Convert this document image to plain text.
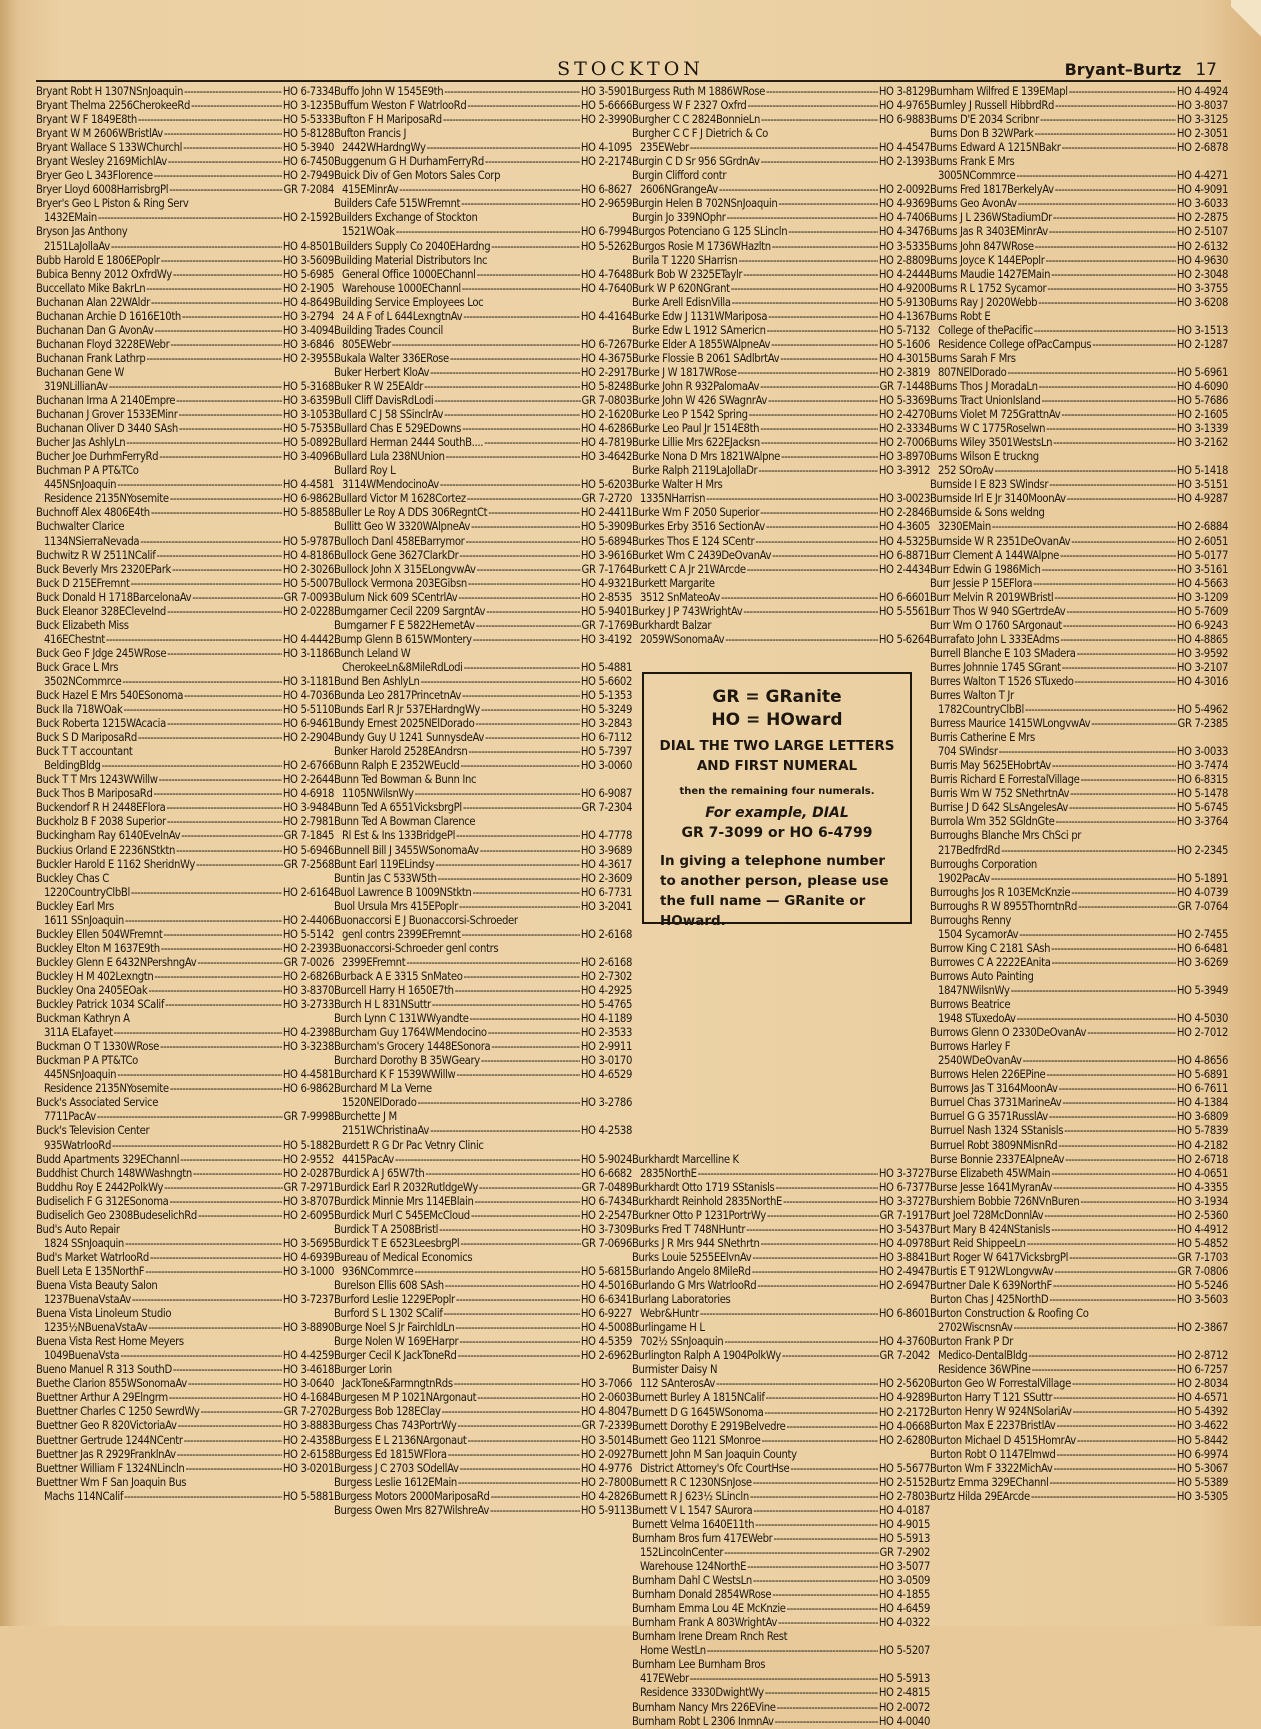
STOCKTON	Bryant–Burtz 17
Bryant Robt H 1307NSnJoaquin -----	HO 6-7334
Bryant Thelma 2256CherokeeRd -----	HO 3-1235
Bryant W F 1849E8th -----	HO 5-5333
Bryant W M 2606WBristlAv -----	HO 5-8128
Bryant Wallace S 133WChurchl -----	HO 5-3940
Bryant Wesley 2169MichlAv -----	HO 6-7450
Bryer Geo L 343Florence -----	HO 2-7949
Bryer Lloyd 6008HarrisbrgPl -----	GR 7-2084
Bryer's Geo L Piston & Ring Serv
1432EMain -----	HO 2-1592
Bryson Jas Anthony
2151LaJollaAv -----	HO 4-8501
Bubb Harold E 1806EPoplr -----	HO 3-5609
Bubica Benny 2012 OxfrdWy -----	HO 5-6985
Buccellato Mike BakrLn -----	HO 2-1905
Buchanan Alan 22WAldr -----	HO 4-8649
Buchanan Archie D 1616E10th -----	HO 3-2794
Buchanan Dan G AvonAv -----	HO 3-4094
Buchanan Floyd 3228EWebr -----	HO 3-6846
Buchanan Frank Lathrp -----	HO 2-3955
Buchanan Gene W
319NLillianAv -----	HO 5-3168
Buchanan Irma A 2140Empre -----	HO 3-6359
Buchanan J Grover 1533EMinr -----	HO 3-1053
Buchanan Oliver D 3440 SAsh -----	HO 5-7535
Bucher Jas AshlyLn -----	HO 5-0892
Bucher Joe DurhmFerryRd -----	HO 3-4096
Buchman P A PT&TCo
445NSnJoaquin -----	HO 4-4581
Residence 2135NYosemite -----	HO 6-9862
Buchnoff Alex 4806E4th -----	HO 5-8858
Buchwalter Clarice
1134NSierraNevada -----	HO 5-9787
Buchwitz R W 2511NCalif -----	HO 4-8186
Buck Beverly Mrs 2320EPark -----	HO 2-3026
Buck D 215EFremnt -----	HO 5-5007
Buck Donald H 1718BarcelonaAv -----	GR 7-0093
Buck Eleanor 328ECleveInd -----	HO 2-0228
Buck Elizabeth Miss
416EChestnt -----	HO 4-4442
Buck Geo F Jdge 245WRose -----	HO 3-1186
Buck Grace L Mrs
3502NCommrce -----	HO 3-1181
Buck Hazel E Mrs 540ESonoma -----	HO 4-7036
Buck Ila 718WOak -----	HO 5-5110
Buck Roberta 1215WAcacia -----	HO 6-9461
Buck S D MariposaRd -----	HO 2-2904
Buck T T accountant
BeldingBldg -----	HO 2-6766
Buck T T Mrs 1243WWillw -----	HO 2-2644
Buck Thos B MariposaRd -----	HO 4-6918
Buckendorf R H 2448EFlora -----	HO 3-9484
Buckholz B F 2038 Superior -----	HO 2-7981
Buckingham Ray 6140EvelnAv -----	GR 7-1845
Buckius Orland E 2236NStktn -----	HO 5-6946
Buckler Harold E 1162 SheridnWy -----	GR 7-2568
Buckley Chas C
1220CountryClbBl -----	HO 2-6164
Buckley Earl Mrs
1611 SSnJoaquin -----	HO 2-4406
Buckley Ellen 504WFremnt -----	HO 5-5142
Buckley Elton M 1637E9th -----	HO 2-2393
Buckley Glenn E 6432NPershngAv -----	GR 7-0026
Buckley H M 402Lexngtn -----	HO 2-6826
Buckley Ona 2405EOak -----	HO 3-8370
Buckley Patrick 1034 SCalif -----	HO 3-2733
Buckman Kathryn A
311A ELafayet -----	HO 4-2398
Buckman O T 1330WRose -----	HO 3-3238
Buckman P A PT&TCo
445NSnJoaquin -----	HO 4-4581
Residence 2135NYosemite -----	HO 6-9862
Buck's Associated Service
7711PacAv -----	GR 7-9998
Buck's Television Center
935WatrlooRd -----	HO 5-1882
Budd Apartments 329EChannl -----	HO 2-9552
Buddhist Church 148WWashngtn -----	HO 2-0287
Buddhu Roy E 2442PolkWy -----	GR 7-2971
Budiselich F G 312ESonoma -----	HO 3-8707
Budiselich Geo 2308BudeselichRd -----	HO 2-6095
Bud's Auto Repair
1824 SSnJoaquin -----	HO 3-5695
Bud's Market WatrlooRd -----	HO 4-6939
Buell Leta E 135NorthF -----	HO 3-1000
Buena Vista Beauty Salon
1237BuenaVstaAv -----	HO 3-7237
Buena Vista Linoleum Studio
1235½NBuenaVstaAv -----	HO 3-8890
Buena Vista Rest Home Meyers
1049BuenaVsta -----	HO 4-4259
Bueno Manuel R 313 SouthD -----	HO 3-4618
Buethe Clarion 855WSonomaAv -----	HO 3-0640
Buettner Arthur A 29Elngrm -----	HO 4-1684
Buettner Charles C 1250 SewrdWy -----	GR 7-2702
Buettner Geo R 820VictoriaAv -----	HO 3-8883
Buettner Gertrude 1244NCentr -----	HO 2-4358
Buettner Jas R 2929FranklnAv -----	HO 2-6158
Buettner William F 1324NLincln -----	HO 3-0201
Buettner Wm F San Joaquin Bus
Machs 114NCalif -----	HO 5-5881
Buffo John W 1545E9th -----	HO 3-5901
Buffum Weston F WatrlooRd -----	HO 5-6666
Bufton F H MariposaRd -----	HO 2-3990
Bufton Francis J
2442WHardngWy -----	HO 4-1095
Buggenum G H DurhamFerryRd -----	HO 2-2174
Buick Div of Gen Motors Sales Corp
415EMinrAv -----	HO 6-8627
Builders Cafe 515WFremnt -----	HO 2-9659
Builders Exchange of Stockton
1521WOak -----	HO 6-7994
Builders Supply Co 2040EHardng -----	HO 5-5262
Building Material Distributors Inc
General Office 1000EChannl -----	HO 4-7648
Warehouse 1000EChannl -----	HO 4-7640
Building Service Employees Loc
24 A F of L 644LexngtnAv -----	HO 4-4164
Building Trades Council
805EWebr -----	HO 6-7267
Bukala Walter 336ERose -----	HO 4-3675
Buker Herbert KloAv -----	HO 2-2917
Buker R W 25EAldr -----	HO 5-8248
Bull Cliff DavisRdLodi -----	GR 7-0803
Bullard C J 58 SSinclrAv -----	HO 2-1620
Bullard Chas E 529EDowns -----	HO 4-6286
Bullard Herman 2444 SouthB.... -----	HO 4-7819
Bullard Lula 238NUnion -----	HO 3-4642
Bullard Roy L
3114WMendocinoAv -----	HO 5-6203
Bullard Victor M 1628Cortez -----	GR 7-2720
Buller Le Roy A DDS 306RegntCt -----	HO 2-4411
Bullitt Geo W 3320WAlpneAv -----	HO 5-3909
Bulloch Danl 458EBarrymor -----	HO 5-6894
Bullock Gene 3627ClarkDr -----	HO 3-9616
Bullock John X 315ELongvwAv -----	GR 7-1764
Bullock Vermona 203EGibsn -----	HO 4-9321
Bulum Nick 609 SCentrlAv -----	HO 2-8535
Bumgarner Cecil 2209 SargntAv -----	HO 5-9401
Bumgarner F E 5822HemetAv -----	GR 7-1769
Bump Glenn B 615WMontery -----	HO 3-4192
Bunch Leland W
CherokeeLn&8MileRdLodi -----	HO 5-4881
Bund Ben AshlyLn -----	HO 5-6602
Bunda Leo 2817PrincetnAv -----	HO 5-1353
Bunds Earl R Jr 537EHardngWy -----	HO 5-3249
Bundy Ernest 2025NElDorado -----	HO 3-2843
Bundy Guy U 1241 SunnysdeAv -----	HO 6-7112
Bunker Harold 2528EAndrsn -----	HO 5-7397
Bunn Ralph E 2352WEucld -----	HO 3-0060
Bunn Ted Bowman & Bunn Inc
1105NWilsnWy -----	HO 6-9087
Bunn Ted A 6551VicksbrgPl -----	GR 7-2304
Bunn Ted A Bowman Clarence
Rl Est & Ins 133BridgePl -----	HO 4-7778
Bunnell Bill J 3455WSonomaAv -----	HO 3-9689
Bunt Earl 119ELindsy -----	HO 4-3617
Buntin Jas C 533W5th -----	HO 2-3609
Buol Lawrence B 1009NStktn -----	HO 6-7731
Buol Ursula Mrs 415EPoplr -----	HO 3-2041
Buonaccorsi E J Buonaccorsi-Schroeder
genl contrs 2399EFremnt -----	HO 2-6168
Buonaccorsi-Schroeder genl contrs
2399EFremnt -----	HO 2-6168
Burback A E 3315 SnMateo -----	HO 2-7302
Burcell Harry H 1650E7th -----	HO 4-2925
Burch H L 831NSuttr -----	HO 5-4765
Burch Lynn C 131WWyandte -----	HO 4-1189
Burcham Guy 1764WMendocino -----	HO 2-3533
Burcham's Grocery 1448ESonora -----	HO 2-9911
Burchard Dorothy B 35WGeary -----	HO 3-0170
Burchard K F 1539WWillw -----	HO 4-6529
Burchard M La Verne
1520NElDorado -----	HO 3-2786
Burchette J M
2151WChristinaAv -----	HO 4-2538
Burdett R G Dr Pac Vetnry Clinic
4415PacAv -----	HO 5-9024
Burdick A J 65W7th -----	HO 6-6682
Burdick Earl R 2032RutldgeWy -----	GR 7-0489
Burdick Minnie Mrs 114EBlain -----	HO 6-7434
Burdick Murl C 545EMcCloud -----	HO 2-2547
Burdick T A 2508Bristl -----	HO 3-7309
Burdick T E 6523LeesbrgPl -----	GR 7-0696
Bureau of Medical Economics
936NCommrce -----	HO 5-6815
Burelson Ellis 608 SAsh -----	HO 4-5016
Burford Leslie 1229EPoplr -----	HO 6-6341
Burford S L 1302 SCalif -----	HO 6-9227
Burge Noel S Jr FairchldLn -----	HO 4-5008
Burge Nolen W 169EHarpr -----	HO 4-5359
Burger Cecil K JackToneRd -----	HO 2-6962
Burger Lorin
JackTone&FarmngtnRds -----	HO 3-7066
Burgesen M P 1021NArgonaut -----	HO 2-0603
Burgess Bob 128EClay -----	HO 4-8047
Burgess Chas 743PortrWy -----	GR 7-2339
Burgess E L 2136NArgonaut -----	HO 3-5014
Burgess Ed 1815WFlora -----	HO 2-0927
Burgess J C 2703 SOdellAv -----	HO 4-9776
Burgess Leslie 1612EMain -----	HO 2-7800
Burgess Motors 2000MariposaRd -----	HO 4-2826
Burgess Owen Mrs 827WilshreAv -----	HO 5-9113
Burgess Ruth M 1886WRose -----	HO 3-8129
Burgess W F 2327 Oxfrd -----	HO 4-9765
Burgher C C 2824BonnieLn -----	HO 6-9883
Burgher C C F J Dietrich & Co
235EWebr -----	HO 4-4547
Burgin C D Sr 956 SGrdnAv -----	HO 2-1393
Burgin Clifford contr
2606NGrangeAv -----	HO 2-0092
Burgin Helen B 702NSnJoaquin -----	HO 4-9369
Burgin Jo 339NOphr -----	HO 4-7406
Burgos Potenciano G 125 SLincln -----	HO 4-3476
Burgos Rosie M 1736WHazltn -----	HO 3-5335
Burila T 1220 SHarrisn -----	HO 2-8809
Burk Bob W 2325ETaylr -----	HO 4-2444
Burk W P 620NGrant -----	HO 4-9200
Burke Arell EdisnVilla -----	HO 5-9130
Burke Edw J 1131WMariposa -----	HO 4-1367
Burke Edw L 1912 SAmericn -----	HO 5-7132
Burke Elder A 1855WAlpneAv -----	HO 5-1606
Burke Flossie B 2061 SAdlbrtAv -----	HO 4-3015
Burke J W 1817WRose -----	HO 2-3819
Burke John R 932PalomaAv -----	GR 7-1448
Burke John W 426 SWagnrAv -----	HO 5-3369
Burke Leo P 1542 Spring -----	HO 2-4270
Burke Leo Paul Jr 1514E8th -----	HO 2-3334
Burke Lillie Mrs 622EJacksn -----	HO 2-7006
Burke Nona D Mrs 1821WAlpne -----	HO 3-8970
Burke Ralph 2119LaJollaDr -----	HO 3-3912
Burke Walter H Mrs
1335NHarrisn -----	HO 3-0023
Burke Wm F 2050 Superior -----	HO 2-2846
Burkes Erby 3516 SectionAv -----	HO 4-3605
Burkes Thos E 124 SCentr -----	HO 4-5325
Burket Wm C 2439DeOvanAv -----	HO 6-8871
Burkett C A Jr 21WArcde -----	HO 2-4434
Burkett Margarite
3512 SnMateoAv -----	HO 6-6601
Burkey J P 743WrightAv -----	HO 5-5561
Burkhardt Balzar
2059WSonomaAv -----	HO 5-6264
Burkhardt Marcelline K
2835NorthE -----	HO 3-3727
Burkhardt Otto 1719 SStanisls -----	HO 6-7377
Burkhardt Reinhold 2835NorthE -----	HO 3-3727
Burkner Otto P 1231PortrWy -----	GR 7-1917
Burks Fred T 748NHuntr -----	HO 3-5437
Burks J R Mrs 944 SNethrtn -----	HO 4-0978
Burks Louie 5255EElvnAv -----	HO 3-8841
Burlando Angelo 8MileRd -----	HO 2-4947
Burlando G Mrs WatrlooRd -----	HO 2-6947
Burlang Laboratories
Webr&Huntr -----	HO 6-8601
Burlingame H L
702½ SSnJoaquin -----	HO 4-3760
Burlington Ralph A 1904PolkWy -----	GR 7-2042
Burmister Daisy N
112 SAnterosAv -----	HO 2-5620
Burnett Burley A 1815NCalif -----	HO 4-9289
Burnett D G 1645WSonoma -----	HO 2-2172
Burnett Dorothy E 2919Belvedre -----	HO 4-0668
Burnett Geo 1121 SMonroe -----	HO 2-6280
Burnett John M San Joaquin County
District Attorney's Ofc CourtHse -----	HO 5-5677
Burnett R C 1230NSnJose -----	HO 2-5152
Burnett R J 623½ SLincln -----	HO 2-7803
Burnett V L 1547 SAurora -----	HO 4-0187
Burnett Velma 1640E11th -----	HO 4-9015
Burnham Bros furn 417EWebr -----	HO 5-5913
152LincolnCenter -----	GR 7-2902
Warehouse 124NorthE -----	HO 3-5077
Burnham Dahl C WestsLn -----	HO 3-0509
Burnham Donald 2854WRose -----	HO 4-1855
Burnham Emma Lou 4E McKnzie -----	HO 4-6459
Burnham Frank A 803WrightAv -----	HO 4-0322
Burnham Irene Dream Rnch Rest
Home WestLn -----	HO 5-5207
Burnham Lee Burnham Bros
417EWebr -----	HO 5-5913
Residence 3330DwightWy -----	HO 2-4815
Burnham Nancy Mrs 226EVine -----	HO 2-0072
Burnham Robt L 2306 InmnAv -----	HO 4-0040
Burnham Wilfred E 139EMapl -----	HO 4-4924
Burnley J Russell HibbrdRd -----	HO 3-8037
Burns D'E 2034 Scribnr -----	HO 3-3125
Burns Don B 32WPark -----	HO 2-3051
Burns Edward A 1215NBakr -----	HO 2-6878
Burns Frank E Mrs
3005NCommrce -----	HO 4-4271
Burns Fred 1817BerkelyAv -----	HO 4-9091
Burns Geo AvonAv -----	HO 3-6033
Burns J L 236WStadiumDr -----	HO 2-2875
Burns Jas R 3403EMinrAv -----	HO 2-5107
Burns John 847WRose -----	HO 2-6132
Burns Joyce K 144EPoplr -----	HO 4-9630
Burns Maudie 1427EMain -----	HO 2-3048
Burns R L 1752 Sycamor -----	HO 3-3755
Burns Ray J 2020Webb -----	HO 3-6208
Burns Robt E
College of thePacific -----	HO 3-1513
Residence College ofPacCampus -----	HO 2-1287
Burns Sarah F Mrs
807NElDorado -----	HO 5-6961
Burns Thos J MoradaLn -----	HO 4-6090
Burns Tract UnionIsland -----	HO 5-7686
Burns Violet M 725GrattnAv -----	HO 2-1605
Burns W C 1775Roselwn -----	HO 3-1339
Burns Wiley 3501WestsLn -----	HO 3-2162
Burns Wilson E truckng
252 SOroAv -----	HO 5-1418
Burnside I E 823 SWindsr -----	HO 3-5151
Burnside Irl E Jr 3140MoonAv -----	HO 4-9287
Burnside & Sons weldng
3230EMain -----	HO 2-6884
Burnside W R 2351DeOvanAv -----	HO 2-6051
Burr Clement A 144WAlpne -----	HO 5-0177
Burr Edwin G 1986Mich -----	HO 3-5161
Burr Jessie P 15EFlora -----	HO 4-5663
Burr Melvin R 2019WBristl -----	HO 3-1209
Burr Thos W 940 SGertrdeAv -----	HO 5-7609
Burr Wm O 1760 SArgonaut -----	HO 6-9243
Burrafato John L 333EAdms -----	HO 4-8865
Burrell Blanche E 103 SMadera -----	HO 3-9592
Burres Johnnie 1745 SGrant -----	HO 3-2107
Burres Walton T 1526 STuxedo -----	HO 4-3016
Burres Walton T Jr
1782CountryClbBl -----	HO 5-4962
Burress Maurice 1415WLongvwAv -----	GR 7-2385
Burris Catherine E Mrs
704 SWindsr -----	HO 3-0033
Burris May 5625EHobrtAv -----	HO 3-7474
Burris Richard E ForrestalVillage -----	HO 6-8315
Burris Wm W 752 SNethrtnAv -----	HO 5-1478
Burrise J D 642 SLsAngelesAv -----	HO 5-6745
Burrola Wm 352 SGldnGte -----	HO 3-3764
Burroughs Blanche Mrs ChSci pr
217BedfrdRd -----	HO 2-2345
Burroughs Corporation
1902PacAv -----	HO 5-1891
Burroughs Jos R 103EMcKnzie -----	HO 4-0739
Burroughs R W 8955ThorntnRd -----	GR 7-0764
Burroughs Renny
1504 SycamorAv -----	HO 2-7455
Burrow King C 2181 SAsh -----	HO 6-6481
Burrowes C A 2222EAnita -----	HO 3-6269
Burrows Auto Painting
1847NWilsnWy -----	HO 5-3949
Burrows Beatrice
1948 STuxedoAv -----	HO 4-5030
Burrows Glenn O 2330DeOvanAv -----	HO 2-7012
Burrows Harley F
2540WDeOvanAv -----	HO 4-8656
Burrows Helen 226EPine -----	HO 5-6891
Burrows Jas T 3164MoonAv -----	HO 6-7611
Burruel Chas 3731MarineAv -----	HO 4-1384
Burruel G G 3571RusslAv -----	HO 3-6809
Burruel Nash 1324 SStanisls -----	HO 5-7839
Burruel Robt 3809NMisnRd -----	HO 4-2182
Burse Bonnie 2337EAlpneAv -----	HO 2-6718
Burse Elizabeth 45WMain -----	HO 4-0651
Burse Jesse 1641MyranAv -----	HO 4-3355
Burshiem Bobbie 726NVnBuren -----	HO 3-1934
Burt Joel 728McDonnlAv -----	HO 2-5360
Burt Mary B 424NStanisls -----	HO 4-4912
Burt Reid ShippeeLn -----	HO 5-4852
Burt Roger W 6417VicksbrgPl -----	GR 7-1703
Burtis E T 912WLongvwAv -----	GR 7-0806
Burtner Dale K 639NorthF -----	HO 5-5246
Burton Chas J 425NorthD -----	HO 3-5603
Burton Construction & Roofing Co
2702WiscnsnAv -----	HO 2-3867
Burton Frank P Dr
Medico-DentalBldg -----	HO 2-8712
Residence 36WPine -----	HO 6-7257
Burton Geo W ForrestalVillage -----	HO 2-8034
Burton Harry T 121 SSuttr -----	HO 4-6571
Burton Henry W 924NSolariAv -----	HO 5-4392
Burton Max E 2237BristlAv -----	HO 3-4622
Burton Michael D 4515HomrAv -----	HO 5-8442
Burton Robt O 1147Elmwd -----	HO 6-9974
Burton Wm F 3322MichAv -----	HO 5-3067
Burtz Emma 329EChannl -----	HO 5-5389
Burtz Hilda 29EArcde -----	HO 3-5305
GR = GRanite
HO = HOward
DIAL THE TWO LARGE LETTERS
AND FIRST NUMERAL
then the remaining four numerals.
For example, DIAL
GR 7-3099 or HO 6-4799
In giving a telephone number
to another person, please use
the full name — GRanite or
HOward.
